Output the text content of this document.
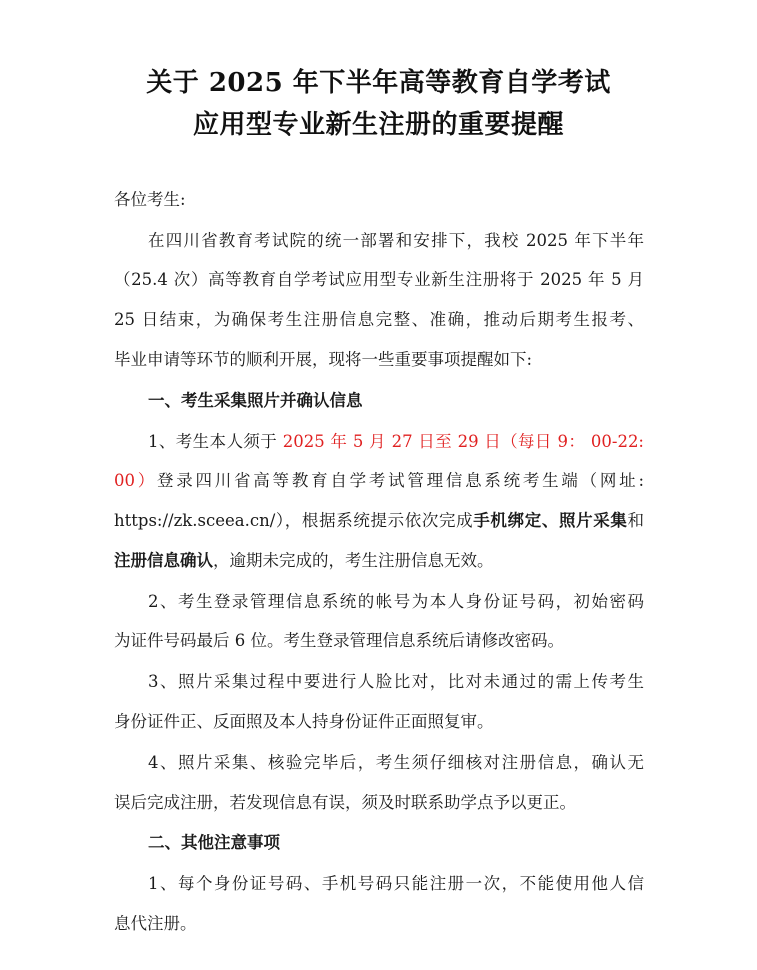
关于 2025 年下半年高等教育自学考试
应用型专业新生注册的重要提醒
各位考生:
在四川省教育考试院的统一部署和安排下，我校 2025 年下半年
（25.4 次）高等教育自学考试应用型专业新生注册将于 2025 年 5 月
25 日结束，为确保考生注册信息完整、准确，推动后期考生报考、
毕业申请等环节的顺利开展，现将一些重要事项提醒如下:
一、考生采集照片并确认信息
1、考生本人须于 2025 年 5 月 27 日至 29 日（每日 9： 00-22:
00）登录四川省高等教育自学考试管理信息系统考生端（网址:
https://zk.sceea.cn/），根据系统提示依次完成手机绑定、照片采集和
注册信息确认，逾期未完成的，考生注册信息无效。
2、考生登录管理信息系统的帐号为本人身份证号码，初始密码
为证件号码最后 6 位。考生登录管理信息系统后请修改密码。
3、照片采集过程中要进行人脸比对，比对未通过的需上传考生
身份证件正、反面照及本人持身份证件正面照复审。
4、照片采集、核验完毕后，考生须仔细核对注册信息，确认无
误后完成注册，若发现信息有误，须及时联系助学点予以更正。
二、其他注意事项
1、每个身份证号码、手机号码只能注册一次，不能使用他人信
息代注册。
